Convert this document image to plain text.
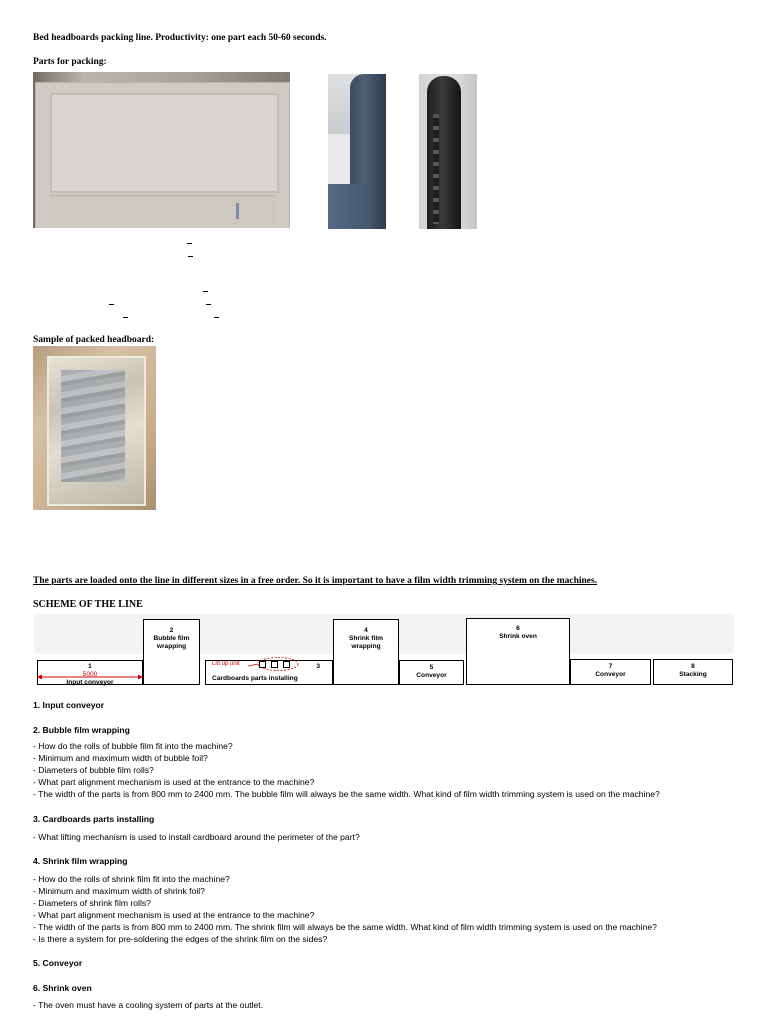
Bed headboards packing line. Productivity: one part each 50-60 seconds.
Parts for packing:
Sample of packed headboard:
The parts are loaded onto the line in different sizes in a free order. So it is important to have a film width trimming system on the machines.
SCHEME OF THE LINE
1
5000
Input conveyor
2
Bubble film wrapping
3
Cardboards parts installing
Lift up unit
4
Shrink film wrapping
5
Conveyor
6
Shrink oven
7
Conveyor
8
Stacking
1. Input conveyor
2. Bubble film wrapping
- How do the rolls of bubble film fit into the machine?
- Minimum and maximum width of bubble foil?
- Diameters of bubble film rolls?
- What part alignment mechanism is used at the entrance to the machine?
- The width of the parts is from 800 mm to 2400 mm. The bubble film will always be the same width. What kind of film width trimming system is used on the machine?
3. Cardboards parts installing
- What lifting mechanism is used to install cardboard around the perimeter of the part?
4. Shrink film wrapping
- How do the rolls of shrink film fit into the machine?
- Minimum and maximum width of shrink foil?
- Diameters of shrink film rolls?
- What part alignment mechanism is used at the entrance to the machine?
- The width of the parts is from 800 mm to 2400 mm. The shrink film will always be the same width. What kind of film width trimming system is used on the machine?
- Is there a system for pre-soldering the edges of the shrink film on the sides?
5. Conveyor
6. Shrink oven
- The oven must have a cooling system of parts at the outlet.
